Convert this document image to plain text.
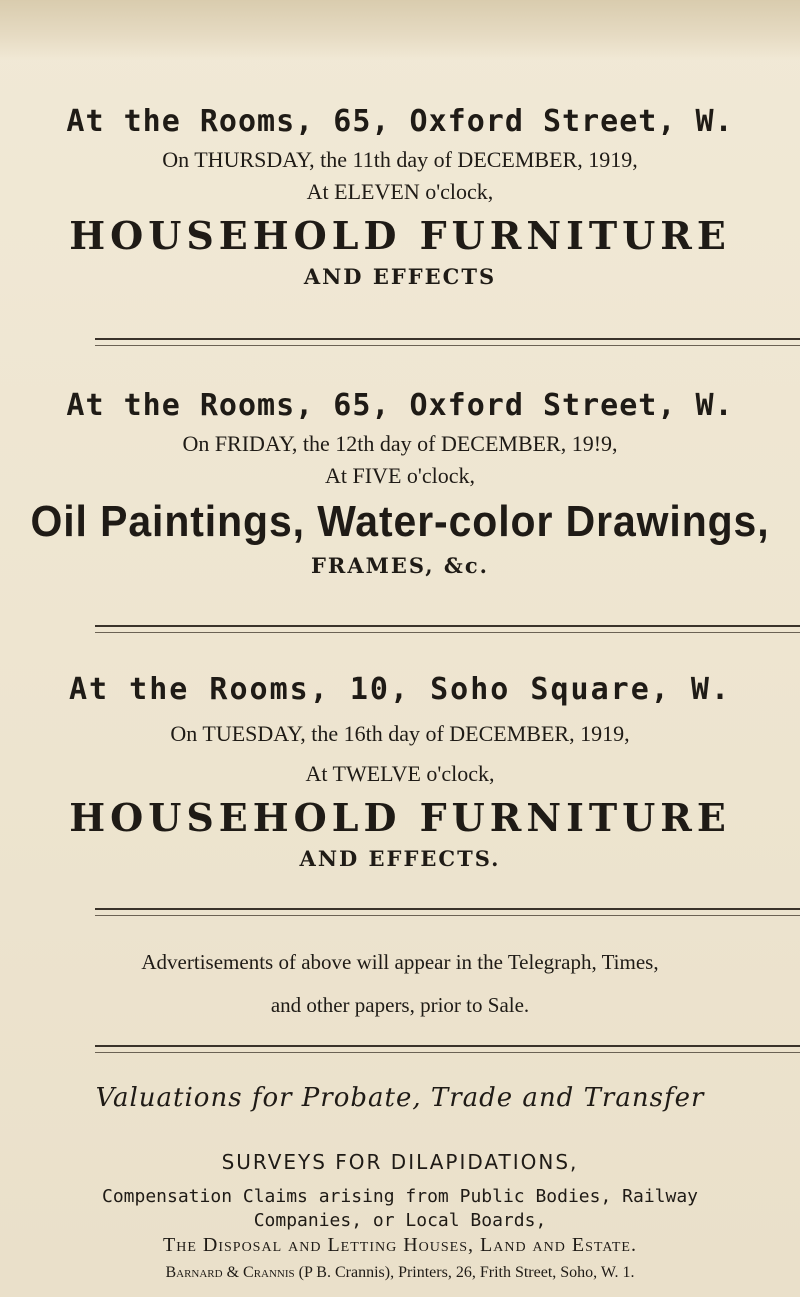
At the Rooms, 65, Oxford Street, W.
On THURSDAY, the 11th day of DECEMBER, 1919,
At ELEVEN o'clock,
HOUSEHOLD FURNITURE
AND EFFECTS
At the Rooms, 65, Oxford Street, W.
On FRIDAY, the 12th day of DECEMBER, 19!9,
At FIVE o'clock,
Oil Paintings, Water-color Drawings,
FRAMES, &c.
At the Rooms, 10, Soho Square, W.
On TUESDAY, the 16th day of DECEMBER, 1919,
At TWELVE o'clock,
HOUSEHOLD FURNITURE
AND EFFECTS.
Advertisements of above will appear in the Telegraph, Times,
and other papers, prior to Sale.
Valuations for Probate, Trade and Transfer
SURVEYS FOR DILAPIDATIONS,
Compensation Claims arising from Public Bodies, Railway
Companies, or Local Boards,
The Disposal and Letting Houses, Land and Estate.
Barnard & Crannis (P B. Crannis), Printers, 26, Frith Street, Soho, W. 1.
